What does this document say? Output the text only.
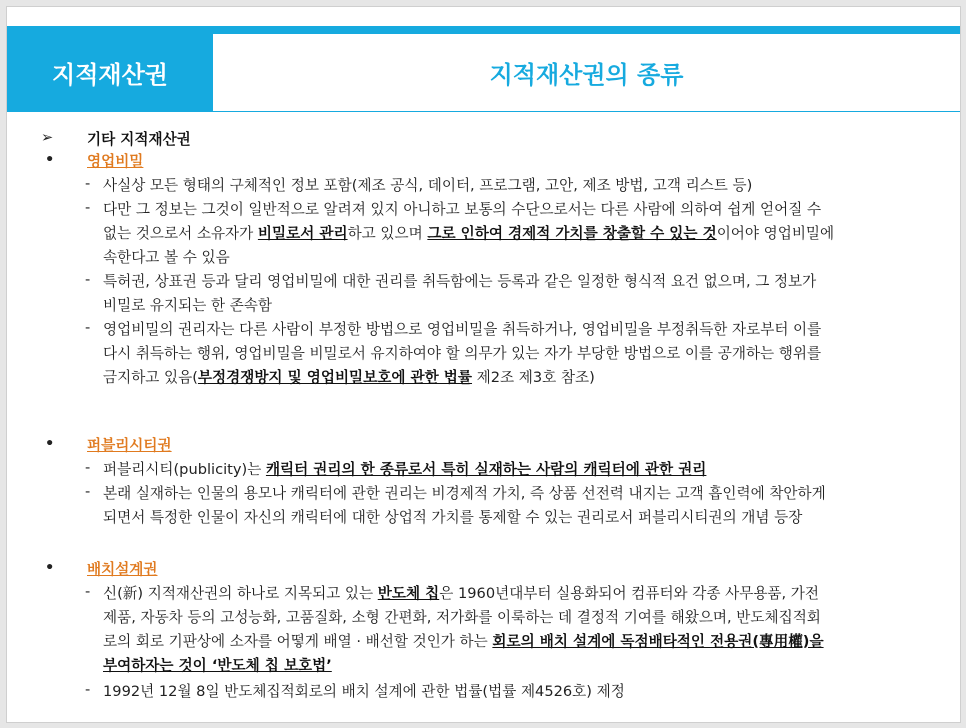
지적재산권	지적재산권의 종류
➢ 기타 지적재산권
• 영업비밀
- 사실상 모든 형태의 구체적인 정보 포함(제조 공식, 데이터, 프로그램, 고안, 제조 방법, 고객 리스트 등)
- 다만 그 정보는 그것이 일반적으로 알려져 있지 아니하고 보통의 수단으로서는 다른 사람에 의하여 쉽게 얻어질 수
없는 것으로서 소유자가 비밀로서 관리하고 있으며 그로 인하여 경제적 가치를 창출할 수 있는 것이어야 영업비밀에
속한다고 볼 수 있음
- 특허권, 상표권 등과 달리 영업비밀에 대한 권리를 취득함에는 등록과 같은 일정한 형식적 요건 없으며, 그 정보가
비밀로 유지되는 한 존속함
- 영업비밀의 권리자는 다른 사람이 부정한 방법으로 영업비밀을 취득하거나, 영업비밀을 부정취득한 자로부터 이를
다시 취득하는 행위, 영업비밀을 비밀로서 유지하여야 할 의무가 있는 자가 부당한 방법으로 이를 공개하는 행위를
금지하고 있음(부정경쟁방지 및 영업비밀보호에 관한 법률 제2조 제3호 참조)
• 퍼블리시티권
- 퍼블리시티(publicity)는 캐릭터 권리의 한 종류로서 특히 실재하는 사람의 캐릭터에 관한 권리
- 본래 실재하는 인물의 용모나 캐릭터에 관한 권리는 비경제적 가치, 즉 상품 선전력 내지는 고객 흡인력에 착안하게
되면서 특정한 인물이 자신의 캐릭터에 대한 상업적 가치를 통제할 수 있는 권리로서 퍼블리시티권의 개념 등장
• 배치설계권
- 신(新) 지적재산권의 하나로 지목되고 있는 반도체 칩은 1960년대부터 실용화되어 컴퓨터와 각종 사무용품, 가전
제품, 자동차 등의 고성능화, 고품질화, 소형 간편화, 저가화를 이룩하는 데 결정적 기여를 해왔으며, 반도체집적회
로의 회로 기판상에 소자를 어떻게 배열 · 배선할 것인가 하는 회로의 배치 설계에 독점배타적인 전용권(專用權)을
부여하자는 것이 ‘반도체 칩 보호법’
- 1992년 12월 8일 반도체집적회로의 배치 설계에 관한 법률(법률 제4526호) 제정
